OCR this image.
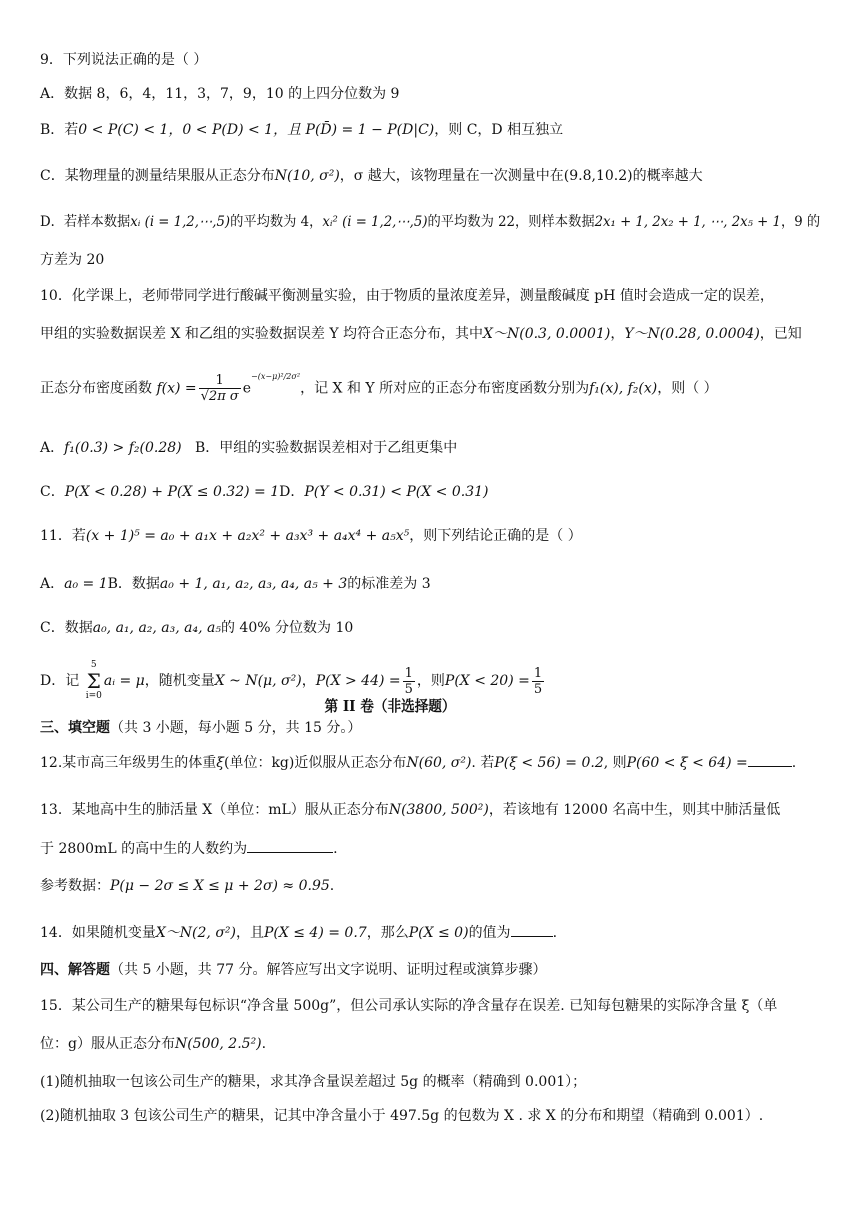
9．下列说法正确的是（ ）
A．数据 8，6，4，11，3，7，9，10 的上四分位数为 9
B．若0 < P(C) < 1，0 < P(D) < 1，且 P(D̄) = 1 − P(D|C)，则 C，D 相互独立
C．某物理量的测量结果服从正态分布N(10, σ²)，σ 越大，该物理量在一次测量中在(9.8,10.2)的概率越大
D．若样本数据xᵢ (i = 1,2,⋯,5)的平均数为 4，xᵢ² (i = 1,2,⋯,5)的平均数为 22，则样本数据2x₁ + 1, 2x₂ + 1, ⋯, 2x₅ + 1，9 的
方差为 20
10．化学课上，老师带同学进行酸碱平衡测量实验，由于物质的量浓度差异，测量酸碱度 pH 值时会造成一定的误差，
甲组的实验数据误差 X 和乙组的实验数据误差 Y 均符合正态分布，其中X～N(0.3, 0.0001)，Y～N(0.28, 0.0004)，已知
正态分布密度函数 $f(x) = \frac{1}{\text{√2π σ}} e^{-(x-\mu)^2/2\sigma^2}$，记 X 和 Y 所对应的正态分布密度函数分别为f₁(x), f₂(x)，则（ ）
A．f₁(0.3) > f₂(0.28) B．甲组的实验数据误差相对于乙组更集中
C．P(X < 0.28) + P(X ≤ 0.32) = 1D．P(Y < 0.31) < P(X < 0.31)
11．若(x + 1)⁵ = a₀ + a₁x + a₂x² + a₃x³ + a₄x⁴ + a₅x⁵，则下列结论正确的是（ ）
A．a₀ = 1B．数据a₀ + 1, a₁, a₂, a₃, a₄, a₅ + 3的标准差为 3
C．数据a₀, a₁, a₂, a₃, a₄, a₅的 40% 分位数为 10
D．记 5
Σ
i=0aᵢ = μ，随机变量X ~ N(μ, σ²)，$P(X > 44) = \frac{1}{5}$ ，则$P(X < 20) = \frac{1}{5}$
第 II 卷（非选择题）
三、填空题（共 3 小题，每小题 5 分，共 15 分。）
12.某市高三年级男生的体重ξ(单位：kg)近似服从正态分布N(60, σ²). 若P(ξ < 56) = 0.2, 则P(60 < ξ < 64) =	.
13．某地高中生的肺活量 X（单位：mL）服从正态分布N(3800, 500²)，若该地有 12000 名高中生，则其中肺活量低
于 2800mL 的高中生的人数约为	.
参考数据：P(μ − 2σ ≤ X ≤ μ + 2σ) ≈ 0.95.
14．如果随机变量X～N(2, σ²)，且P(X ≤ 4) = 0.7，那么P(X ≤ 0)的值为	.
四、解答题（共 5 小题，共 77 分。解答应写出文字说明、证明过程或演算步骤）
15．某公司生产的糖果每包标识“净含量 500g”，但公司承认实际的净含量存在误差. 已知每包糖果的实际净含量 ξ（单
位：g）服从正态分布N(500, 2.5²).
(1)随机抽取一包该公司生产的糖果，求其净含量误差超过 5g 的概率（精确到 0.001）；
(2)随机抽取 3 包该公司生产的糖果，记其中净含量小于 497.5g 的包数为 X . 求 X 的分布和期望（精确到 0.001）.
